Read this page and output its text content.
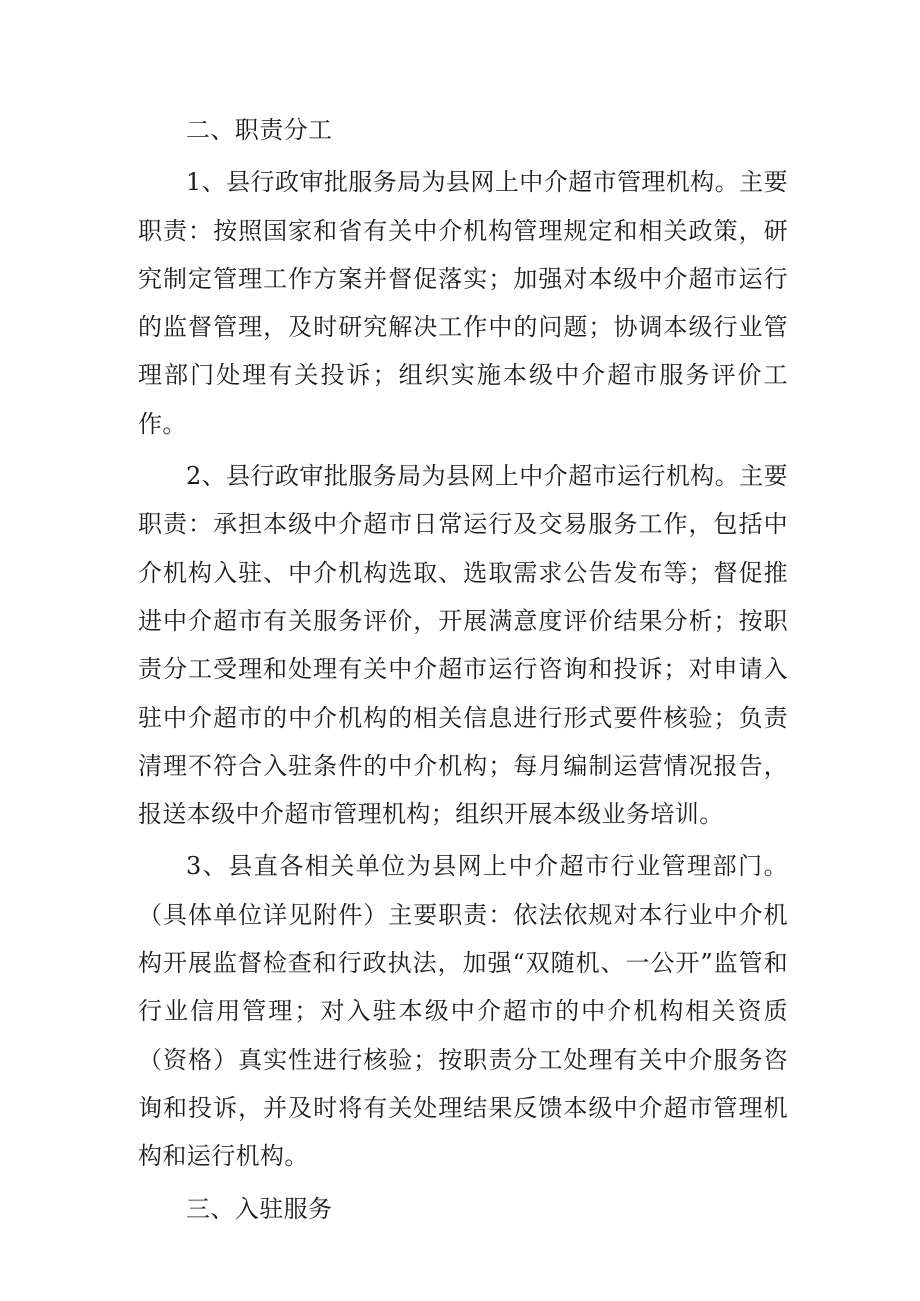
二、职责分工

1、县行政审批服务局为县网上中介超市管理机构。主要职责：按照国家和省有关中介机构管理规定和相关政策，研究制定管理工作方案并督促落实；加强对本级中介超市运行的监督管理，及时研究解决工作中的问题；协调本级行业管理部门处理有关投诉；组织实施本级中介超市服务评价工作。

2、县行政审批服务局为县网上中介超市运行机构。主要职责：承担本级中介超市日常运行及交易服务工作，包括中介机构入驻、中介机构选取、选取需求公告发布等；督促推进中介超市有关服务评价，开展满意度评价结果分析；按职责分工受理和处理有关中介超市运行咨询和投诉；对申请入驻中介超市的中介机构的相关信息进行形式要件核验；负责清理不符合入驻条件的中介机构；每月编制运营情况报告，报送本级中介超市管理机构；组织开展本级业务培训。

3、县直各相关单位为县网上中介超市行业管理部门。（具体单位详见附件）主要职责：依法依规对本行业中介机构开展监督检查和行政执法，加强“双随机、一公开”监管和行业信用管理；对入驻本级中介超市的中介机构相关资质（资格）真实性进行核验；按职责分工处理有关中介服务咨询和投诉，并及时将有关处理结果反馈本级中介超市管理机构和运行机构。

三、入驻服务
